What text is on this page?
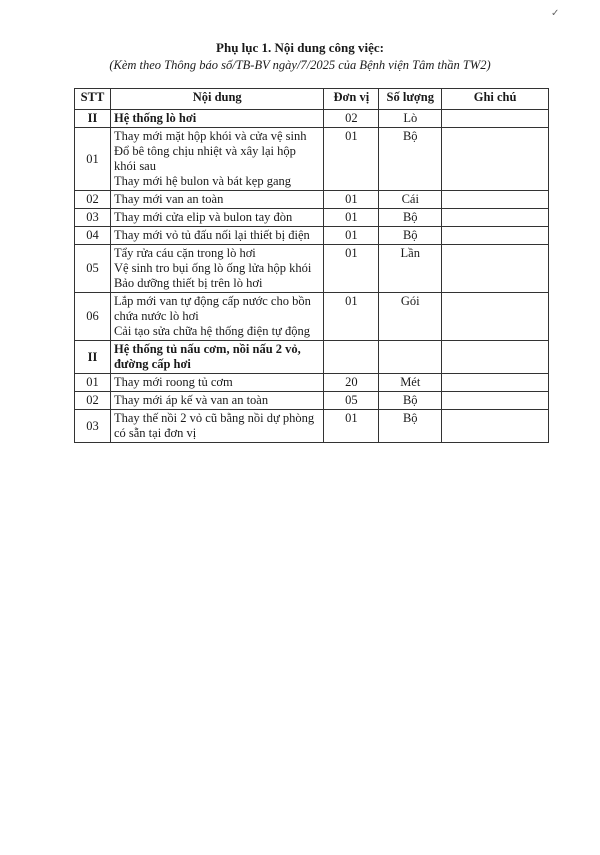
✓
Phụ lục 1. Nội dung công việc:
(Kèm theo Thông báo số/TB-BV ngày/7/2025 của Bệnh viện Tâm thần TW2)
STT	Nội dung	Đơn vị	Số lượng	Ghi chú
II	Hệ thống lò hơi	02	Lò	
01	Thay mới mặt hộp khói và cửa vệ sinh
Đổ bê tông chịu nhiệt và xây lại hộp khói sau
Thay mới hệ bulon và bát kẹp gang	01	Bộ	
02	Thay mới van an toàn	01	Cái	
03	Thay mới cửa elip và bulon tay đòn	01	Bộ	
04	Thay mới vỏ tủ đấu nối lại thiết bị điện	01	Bộ	
05	Tẩy rửa cáu cặn trong lò hơi
Vệ sinh tro bụi ống lò ống lửa hộp khói
Bảo dưỡng thiết bị trên lò hơi	01	Lần	
06	Lắp mới van tự động cấp nước cho bồn chứa nước lò hơi
Cải tạo sửa chữa hệ thống điện tự động	01	Gói	
II	Hệ thống tủ nấu cơm, nồi nấu 2 vỏ, đường cấp hơi			
01	Thay mới roong tủ cơm	20	Mét	
02	Thay mới áp kế và van an toàn	05	Bộ	
03	Thay thế nồi 2 vỏ cũ bằng nồi dự phòng có sẵn tại đơn vị	01	Bộ	
